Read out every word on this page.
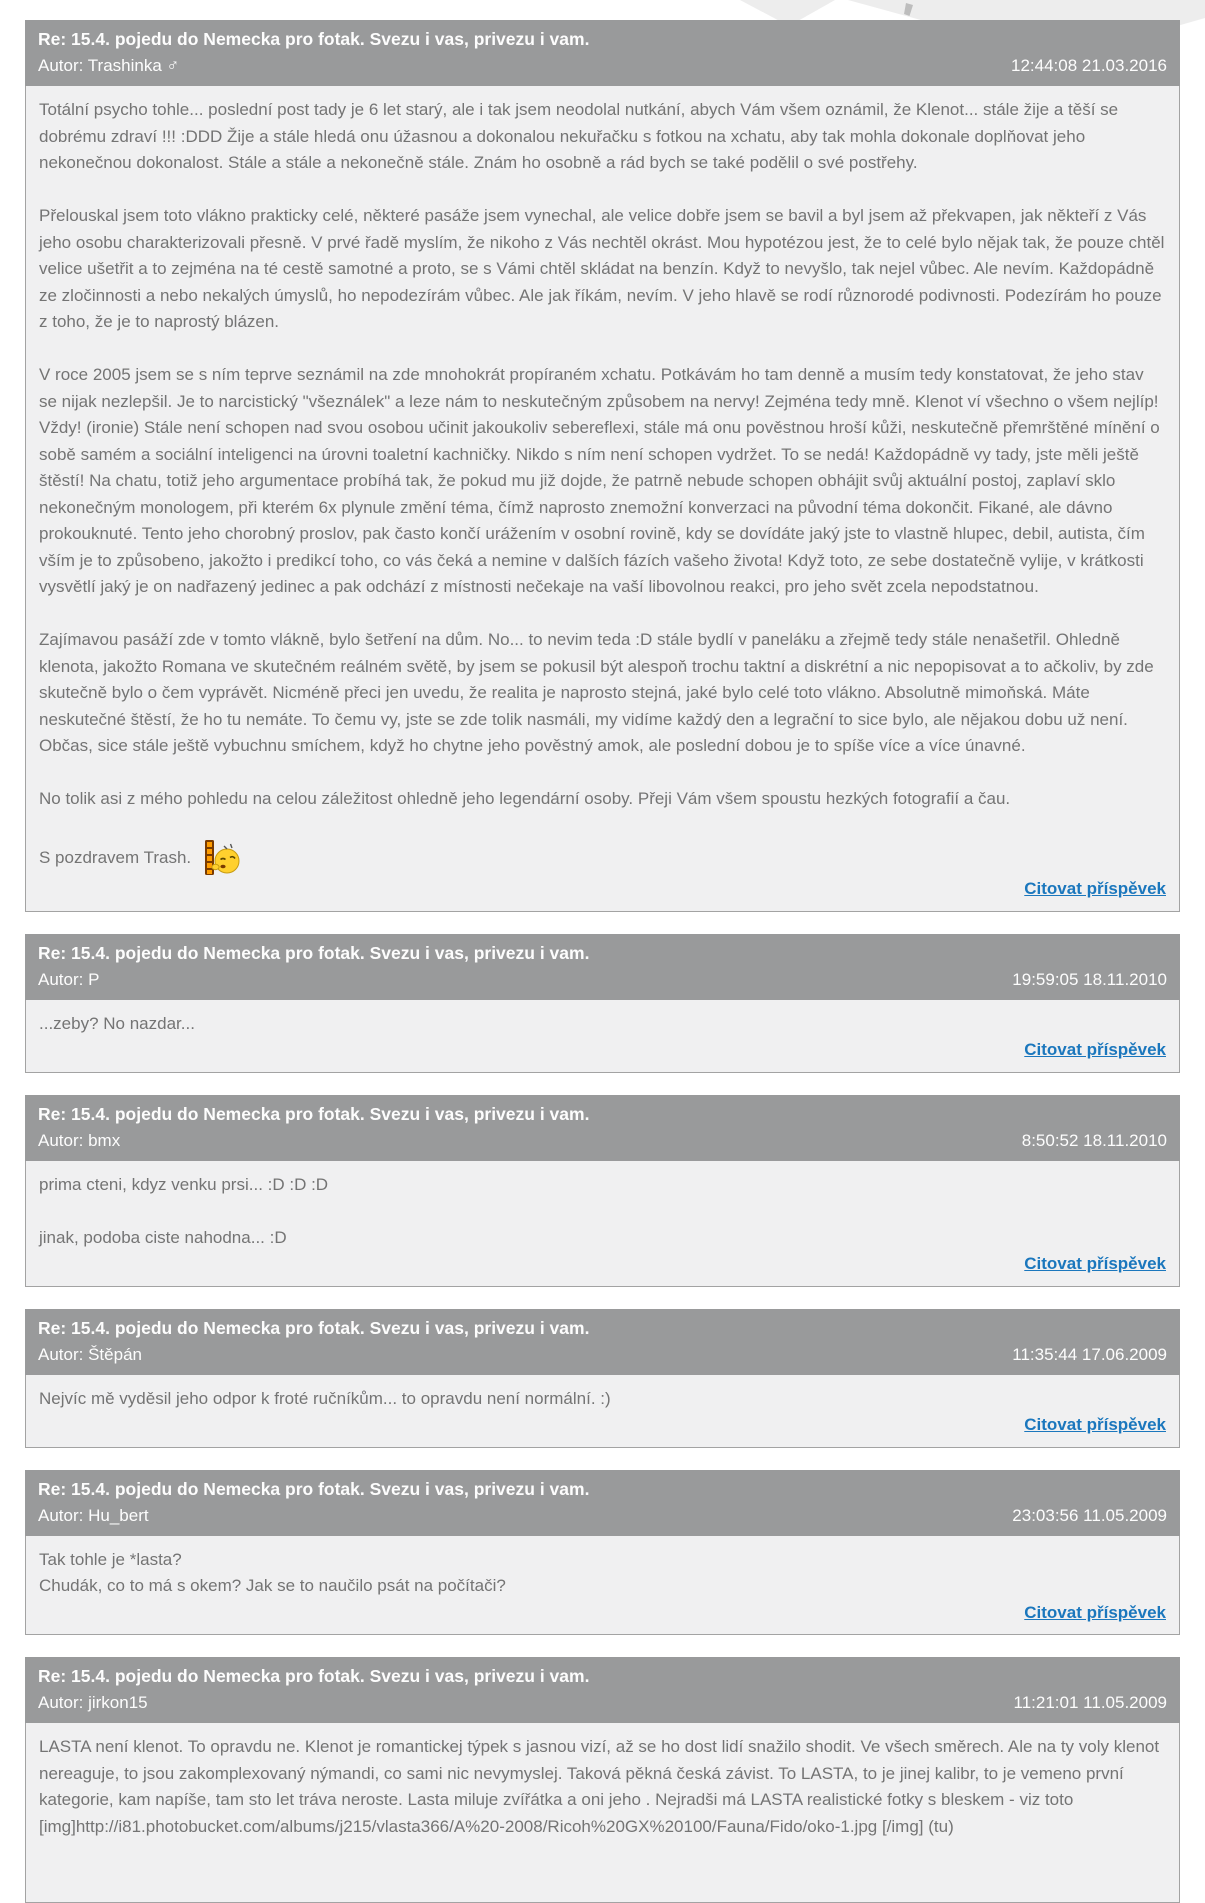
Re: 15.4. pojedu do Nemecka pro fotak. Svezu i vas, privezu i vam.
Autor: Trashinka ♂	12:44:08 21.03.2016

Totální psycho tohle... poslední post tady je 6 let starý, ale i tak jsem neodolal nutkání, abych Vám všem oznámil, že Klenot... stále žije a těší se dobrému zdraví !!! :DDD Žije a stále hledá onu úžasnou a dokonalou nekuřačku s fotkou na xchatu, aby tak mohla dokonale doplňovat jeho nekonečnou dokonalost. Stále a stále a nekonečně stále. Znám ho osobně a rád bych se také podělil o své postřehy.

Přelouskal jsem toto vlákno prakticky celé, některé pasáže jsem vynechal, ale velice dobře jsem se bavil a byl jsem až překvapen, jak někteří z Vás jeho osobu charakterizovali přesně. V prvé řadě myslím, že nikoho z Vás nechtěl okrást. Mou hypotézou jest, že to celé bylo nějak tak, že pouze chtěl velice ušetřit a to zejména na té cestě samotné a proto, se s Vámi chtěl skládat na benzín. Když to nevyšlo, tak nejel vůbec. Ale nevím. Každopádně ze zločinnosti a nebo nekalých úmyslů, ho nepodezírám vůbec. Ale jak říkám, nevím. V jeho hlavě se rodí různorodé podivnosti. Podezírám ho pouze z toho, že je to naprostý blázen.

V roce 2005 jsem se s ním teprve seznámil na zde mnohokrát propíraném xchatu. Potkávám ho tam denně a musím tedy konstatovat, že jeho stav se nijak nezlepšil. Je to narcistický "všeználek" a leze nám to neskutečným způsobem na nervy! Zejména tedy mně. Klenot ví všechno o všem nejlíp! Vždy! (ironie) Stále není schopen nad svou osobou učinit jakoukoliv sebereflexi, stále má onu pověstnou hroší kůži, neskutečně přemrštěné mínění o sobě samém a sociální inteligenci na úrovni toaletní kachničky. Nikdo s ním není schopen vydržet. To se nedá! Každopádně vy tady, jste měli ještě štěstí! Na chatu, totiž jeho argumentace probíhá tak, že pokud mu již dojde, že patrně nebude schopen obhájit svůj aktuální postoj, zaplaví sklo nekonečným monologem, při kterém 6x plynule změní téma, čímž naprosto znemožní konverzaci na původní téma dokončit. Fikané, ale dávno prokouknuté. Tento jeho chorobný proslov, pak často končí urážením v osobní rovině, kdy se dovídáte jaký jste to vlastně hlupec, debil, autista, čím vším je to způsobeno, jakožto i predikcí toho, co vás čeká a nemine v dalších fázích vašeho života! Když toto, ze sebe dostatečně vylije, v krátkosti vysvětlí jaký je on nadřazený jedinec a pak odchází z místnosti nečekaje na vaší libovolnou reakci, pro jeho svět zcela nepodstatnou.

Zajímavou pasáží zde v tomto vlákně, bylo šetření na dům. No... to nevim teda :D stále bydlí v paneláku a zřejmě tedy stále nenašetřil. Ohledně klenota, jakožto Romana ve skutečném reálném světě, by jsem se pokusil být alespoň trochu taktní a diskrétní a nic nepopisovat a to ačkoliv, by zde skutečně bylo o čem vyprávět. Nicméně přeci jen uvedu, že realita je naprosto stejná, jaké bylo celé toto vlákno. Absolutně mimoňská. Máte neskutečné štěstí, že ho tu nemáte. To čemu vy, jste se zde tolik nasmáli, my vidíme každý den a legrační to sice bylo, ale nějakou dobu už není. Občas, sice stále ještě vybuchnu smíchem, když ho chytne jeho pověstný amok, ale poslední dobou je to spíše více a více únavné.

No tolik asi z mého pohledu na celou záležitost ohledně jeho legendární osoby. Přeji Vám všem spoustu hezkých fotografií a čau.

S pozdravem Trash.

Citovat příspěvek
Re: 15.4. pojedu do Nemecka pro fotak. Svezu i vas, privezu i vam.
Autor: P	19:59:05 18.11.2010

...zeby? No nazdar...

Citovat příspěvek
Re: 15.4. pojedu do Nemecka pro fotak. Svezu i vas, privezu i vam.
Autor: bmx	8:50:52 18.11.2010

prima cteni, kdyz venku prsi... :D :D :D

jinak, podoba ciste nahodna... :D

Citovat příspěvek
Re: 15.4. pojedu do Nemecka pro fotak. Svezu i vas, privezu i vam.
Autor: Štěpán	11:35:44 17.06.2009

Nejvíc mě vyděsil jeho odpor k froté ručníkům... to opravdu není normální. :)

Citovat příspěvek
Re: 15.4. pojedu do Nemecka pro fotak. Svezu i vas, privezu i vam.
Autor: Hu_bert	23:03:56 11.05.2009

Tak tohle je *lasta?
Chudák, co to má s okem? Jak se to naučilo psát na počítači?

Citovat příspěvek
Re: 15.4. pojedu do Nemecka pro fotak. Svezu i vas, privezu i vam.
Autor: jirkon15	11:21:01 11.05.2009

LASTA není klenot. To opravdu ne. Klenot je romantickej týpek s jasnou vizí, až se ho dost lidí snažilo shodit. Ve všech směrech. Ale na ty voly klenot nereaguje, to jsou zakomplexovaný nýmandi, co sami nic nevymyslej. Taková pěkná česká závist. To LASTA, to je jinej kalibr, to je vemeno první kategorie, kam napíše, tam sto let tráva neroste. Lasta miluje zvířátka a oni jeho . Nejradši má LASTA realistické fotky s bleskem - viz toto [img]http://i81.photobucket.com/albums/j215/vlasta366/A%20-2008/Ricoh%20GX%20100/Fauna/Fido/oko-1.jpg [/img] (tu)
